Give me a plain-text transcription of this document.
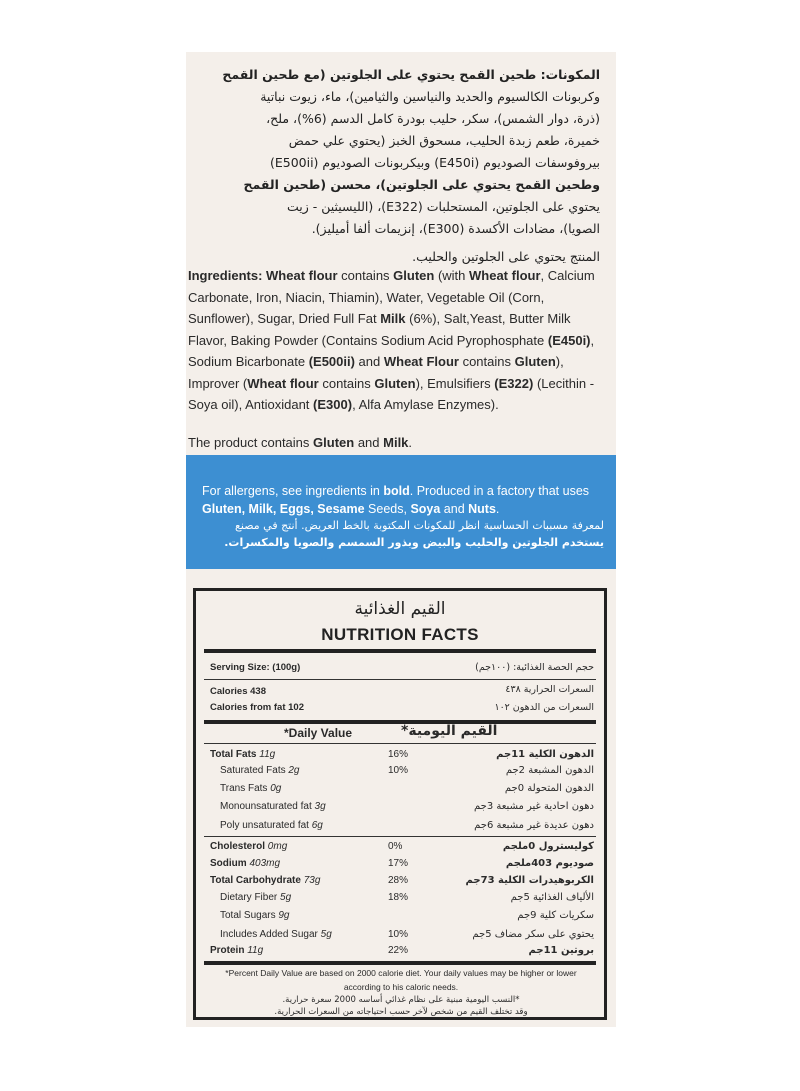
المكونات: طحين القمح يحتوي على الجلوتين (مع طحين القمح

وكربونات الكالسيوم والحديد والنياسين والثيامين)، ماء، زيوت نباتية

(ذرة، دوار الشمس)، سكر، حليب بودرة كامل الدسم (6%)، ملح،

خميرة، طعم زبدة الحليب، مسحوق الخبز (يحتوي علي حمض

بيروفوسفات الصوديوم (E450i) وبيكربونات الصوديوم (E500ii)

وطحين القمح يحتوي على الجلوتين)، محسن (طحين القمح

يحتوي على الجلوتين، المستحلبات (E322)، (الليسيثين - زيت

الصويا)، مضادات الأكسدة (E300)، إنزيمات ألفا أميليز).

المنتج يحتوي على الجلوتين والحليب.

Ingredients: Wheat flour contains Gluten (with Wheat flour, Calcium Carbonate, Iron, Niacin, Thiamin), Water, Vegetable Oil (Corn, Sunflower), Sugar, Dried Full Fat Milk (6%), Salt,Yeast, Butter Milk Flavor, Baking Powder (Contains Sodium Acid Pyrophosphate (E450i), Sodium Bicarbonate (E500ii) and Wheat Flour contains Gluten), Improver (Wheat flour contains Gluten), Emulsifiers (E322) (Lecithin - Soya oil), Antioxidant (E300), Alfa Amylase Enzymes).

The product contains Gluten and Milk.

For allergens, see ingredients in bold. Produced in a factory that uses Gluten, Milk, Eggs, Sesame Seeds, Soya and Nuts.
لمعرفة مسببات الحساسية انظر للمكونات المكتوبة بالخط العريض. أنتج في مصنع
يستخدم الجلوتين والحليب والبيض وبذور السمسم والصويا والمكسرات.
القيم الغذائية
NUTRITION FACTS
Serving Size: (100g)	حجم الحصة الغذائية: (١٠٠جم)
Calories 438	السعرات الحرارية ٤٣٨
Calories from fat 102	السعرات من الدهون ١٠٢
*Daily Value	*القيم اليومية
Total Fats 11g	16%	الدهون الكلية 11جم
Saturated Fats 2g	10%	الدهون المشبعة 2جم
Trans Fats 0g	الدهون المتحولة 0جم
Monounsaturated fat 3g	دهون احادية غير مشبعة 3جم
Poly unsaturated fat 6g	دهون عديدة غير مشبعة 6جم
Cholesterol 0mg	0%	كوليسترول 0ملجم
Sodium 403mg	17%	صوديوم 403ملجم
Total Carbohydrate 73g	28%	الكربوهيدرات الكلية 73جم
Dietary Fiber 5g	18%	الألياف الغذائية 5جم
Total Sugars 9g	سكريات كلية 9جم
Includes Added Sugar 5g	10%	يحتوي على سكر مضاف 5جم
Protein 11g	22%	بروتين 11جم
*Percent Daily Value are based on 2000 calorie diet. Your daily values may be higher or lower according to his caloric needs.
*النسب اليومية مبنية على نظام غذائي أساسه 2000 سعرة حرارية.
وقد تختلف القيم من شخص لآخر حسب احتياجاته من السعرات الحرارية.
